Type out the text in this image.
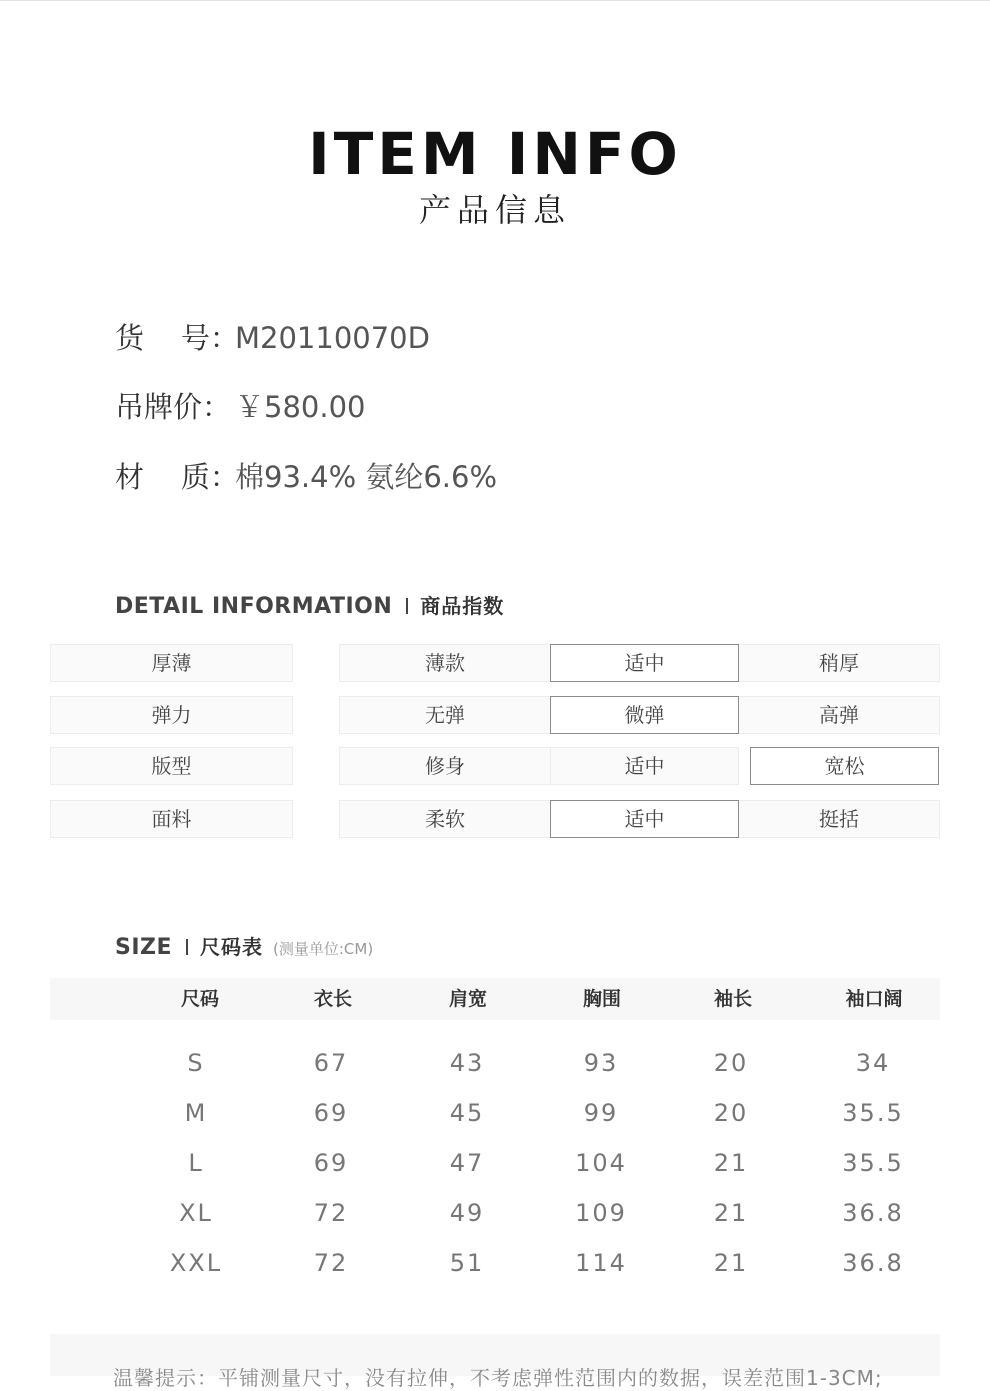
ITEM INFO
产品信息
货    号：M20110070D
吊牌价： ￥580.00
材    质：棉93.4% 氨纶6.6%
DETAIL INFORMATION 商品指数
厚薄	薄款	适中	稍厚
弹力	无弹	微弹	高弹
版型	修身	适中	宽松
面料	柔软	适中	挺括
SIZE 尺码表 (测量单位:CM)
尺码	衣长	肩宽	胸围	袖长	袖口阔
S	67	43	93	20	34
M	69	45	99	20	35.5
L	69	47	104	21	35.5
XL	72	49	109	21	36.8
XXL	72	51	114	21	36.8
温馨提示：平铺测量尺寸，没有拉伸，不考虑弹性范围内的数据，误差范围1-3CM;
